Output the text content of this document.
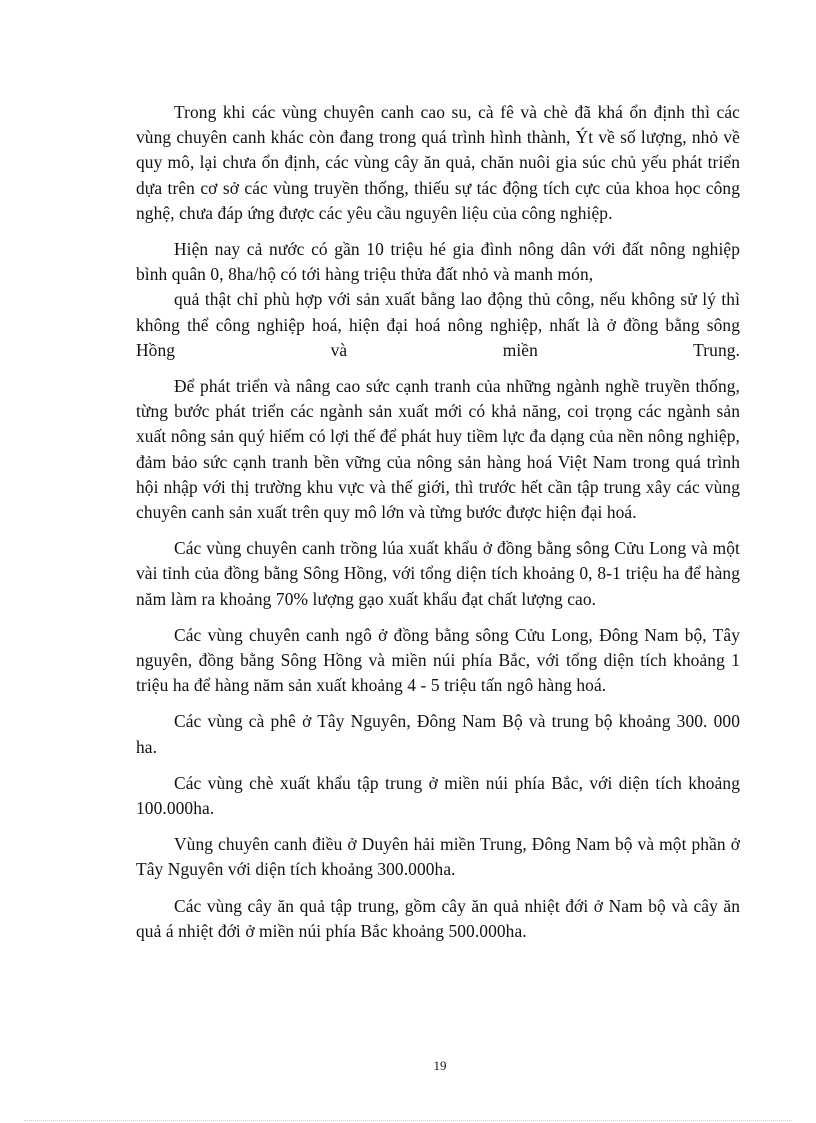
Trong khi các vùng chuyên canh cao su, cà fê và chè đã khá ổn định thì các vùng chuyên canh khác còn đang trong quá trình hình thành, Ýt về số lượng, nhỏ về quy mô, lại chưa ổn định, các vùng cây ăn quả, chăn nuôi gia súc chủ yếu phát triển dựa trên cơ sở các vùng truyền thống, thiếu sự tác động tích cực của khoa học công nghệ, chưa đáp ứng được các yêu cầu nguyên liệu của công nghiệp.

Hiện nay cả nước có gần 10 triệu hé gia đình nông dân với đất nông nghiệp bình quân 0, 8ha/hộ có tới hàng triệu thửa đất nhỏ và manh món,

quả thật chỉ phù hợp với sản xuất bằng lao động thủ công, nếu không sử lý thì không thể công nghiệp hoá, hiện đại hoá nông nghiệp, nhất là ở đồng bằng sông Hồng và miền Trung.

Để phát triển và nâng cao sức cạnh tranh của những ngành nghề truyền thống, từng bước phát triển các ngành sản xuất mới có khả năng, coi trọng các ngành sản xuất nông sản quý hiếm có lợi thế để phát huy tiềm lực đa dạng của nền nông nghiệp, đảm bảo sức cạnh tranh bền vững của nông sản hàng hoá Việt Nam trong quá trình hội nhập với thị trường khu vực và thế giới, thì trước hết cần tập trung xây các vùng chuyên canh sản xuất trên quy mô lớn và từng bước được hiện đại hoá.

Các vùng chuyên canh trồng lúa xuất khẩu ở đồng bằng sông Cửu Long và một vài tỉnh của đồng bằng Sông Hồng, với tổng diện tích khoảng 0, 8-1 triệu ha để hàng năm làm ra khoảng 70% lượng gạo xuất khẩu đạt chất lượng cao.

Các vùng chuyên canh ngô ở đồng bằng sông Cửu Long, Đông Nam bộ, Tây nguyên, đồng bằng Sông Hồng và miền núi phía Bắc, với tổng diện tích khoảng 1 triệu ha để hàng năm sản xuất khoảng 4 - 5 triệu tấn ngô hàng hoá.

Các vùng cà phê ở Tây Nguyên, Đông Nam Bộ và trung bộ khoảng 300. 000 ha.

Các vùng chè xuất khẩu tập trung ở miền núi phía Bắc, với diện tích khoảng 100.000ha.

Vùng chuyên canh điều ở Duyên hải miền Trung, Đông Nam bộ và một phần ở Tây Nguyên với diện tích khoảng 300.000ha.

Các vùng cây ăn quả tập trung, gồm cây ăn quả nhiệt đới ở Nam bộ và cây ăn quả á nhiệt đới ở miền núi phía Bắc khoảng 500.000ha.

19
